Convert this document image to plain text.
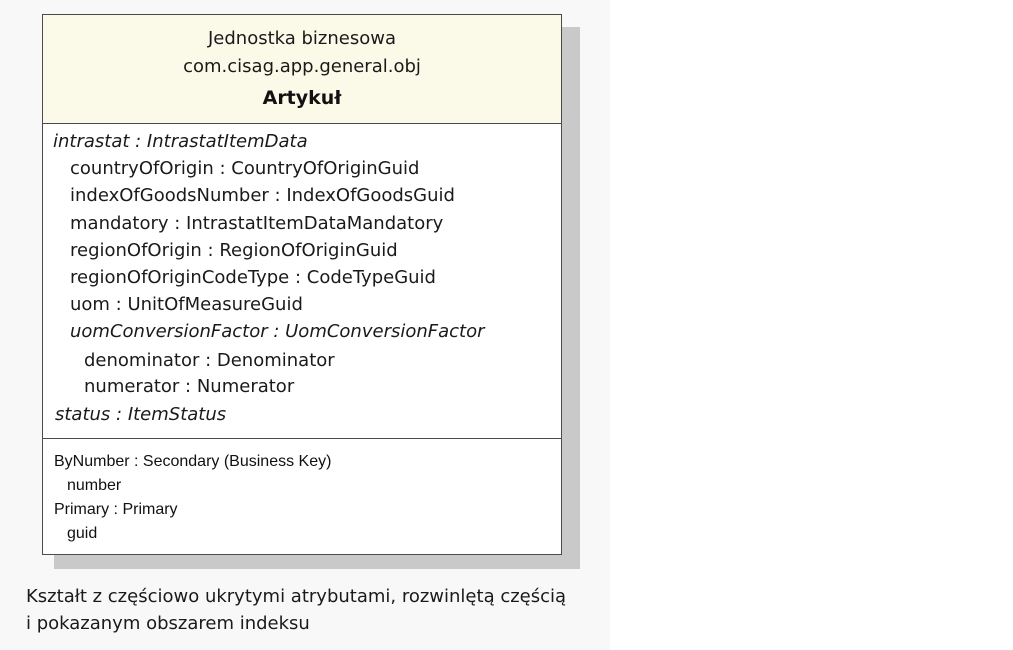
Jednostka biznesowa
com.cisag.app.general.obj
Artykuł
intrastat : IntrastatItemData
countryOfOrigin : CountryOfOriginGuid
indexOfGoodsNumber : IndexOfGoodsGuid
mandatory : IntrastatItemDataMandatory
regionOfOrigin : RegionOfOriginGuid
regionOfOriginCodeType : CodeTypeGuid
uom : UnitOfMeasureGuid
uomConversionFactor : UomConversionFactor
denominator : Denominator
numerator : Numerator
status : ItemStatus
ByNumber : Secondary (Business Key)
number
Primary : Primary
guid
Kształt z częściowo ukrytymi atrybutami, rozwinlętą częścią
i pokazanym obszarem indeksu
